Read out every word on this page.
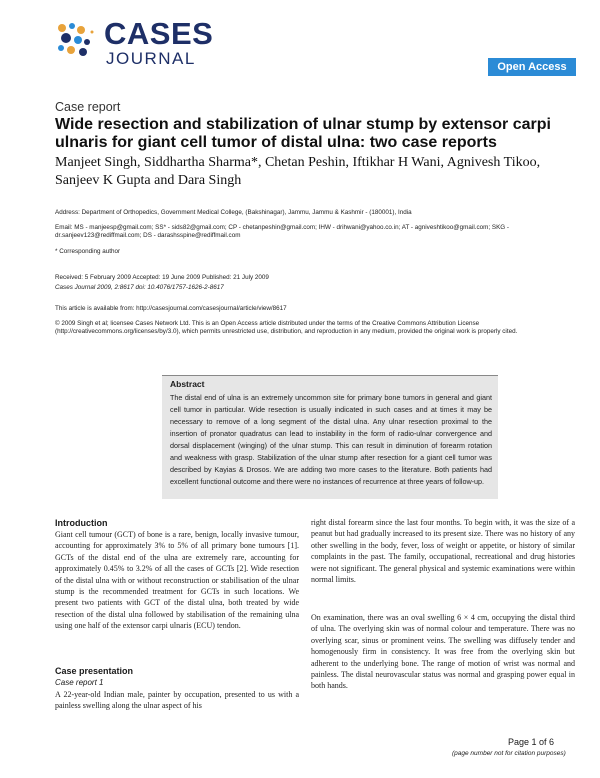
CASES
JOURNAL	Open Access
Case report
Wide resection and stabilization of ulnar stump by extensor carpi ulnaris for giant cell tumor of distal ulna: two case reports
Manjeet Singh, Siddhartha Sharma*, Chetan Peshin, Iftikhar H Wani, Agnivesh Tikoo, Sanjeev K Gupta and Dara Singh
Address: Department of Orthopedics, Government Medical College, (Bakshinagar), Jammu, Jammu & Kashmir - (180001), India
Email: MS - manjeesp@gmail.com; SS* - sids82@gmail.com; CP - chetanpeshin@gmail.com; IHW - drihwani@yahoo.co.in; AT - agniveshtikoo@gmail.com; SKG - dr.sanjeev123@rediffmail.com; DS - darashsspine@rediffmail.com
* Corresponding author
Received: 5 February 2009 Accepted: 19 June 2009 Published: 21 July 2009
Cases Journal 2009, 2:8617 doi: 10.4076/1757-1626-2-8617
This article is available from: http://casesjournal.com/casesjournal/article/view/8617
© 2009 Singh et al; licensee Cases Network Ltd. This is an Open Access article distributed under the terms of the Creative Commons Attribution License (http://creativecommons.org/licenses/by/3.0), which permits unrestricted use, distribution, and reproduction in any medium, provided the original work is properly cited.
Abstract
The distal end of ulna is an extremely uncommon site for primary bone tumors in general and giant cell tumor in particular. Wide resection is usually indicated in such cases and at times it may be necessary to remove of a long segment of the distal ulna. Any ulnar resection proximal to the insertion of pronator quadratus can lead to instability in the form of radio-ulnar convergence and dorsal displacement (winging) of the ulnar stump. This can result in diminution of forearm rotation and weakness with grasp. Stabilization of the ulnar stump after resection for a giant cell tumor was described by Kayias & Drosos. We are adding two more cases to the literature. Both patients had excellent functional outcome and there were no instances of recurrence at three years of follow-up.
Introduction
Giant cell tumour (GCT) of bone is a rare, benign, locally invasive tumour, accounting for approximately 3% to 5% of all primary bone tumours [1]. GCTs of the distal end of the ulna are extremely rare, accounting for approximately 0.45% to 3.2% of all the cases of GCTs [2]. Wide resection of the distal ulna with or without reconstruction or stabilisation of the ulnar stump is the recommended treatment for GCTs in such locations. We present two patients with GCT of the distal ulna, both treated by wide resection of the distal ulna followed by stabilisation of the remaining ulna using one half of the extensor carpi ulnaris (ECU) tendon.
Case presentation
Case report 1
A 22-year-old Indian male, painter by occupation, presented to us with a painless swelling along the ulnar aspect of his
right distal forearm since the last four months. To begin with, it was the size of a peanut but had gradually increased to its present size. There was no history of any other swelling in the body, fever, loss of weight or appetite, or history of similar complaints in the past. The family, occupational, recreational and drug histories were not significant. The general physical and systemic examinations were within normal limits.
On examination, there was an oval swelling 6 × 4 cm, occupying the distal third of ulna. The overlying skin was of normal colour and temperature. There was no overlying scar, sinus or prominent veins. The swelling was diffusely tender and homogenously firm in consistency. It was free from the overlying skin but adherent to the underlying bone. The range of motion of wrist was normal and painless. The distal neurovascular status was normal and grasping power equal in both hands.
Page 1 of 6
(page number not for citation purposes)
